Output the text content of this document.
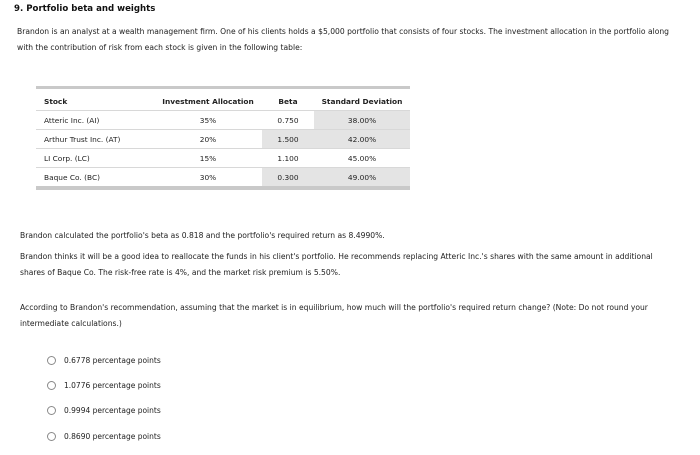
9. Portfolio beta and weights
Brandon is an analyst at a wealth management firm. One of his clients holds a $5,000 portfolio that consists of four stocks. The investment allocation in the portfolio along with the contribution of risk from each stock is given in the following table:
Stock	Investment Allocation	Beta	Standard Deviation
Atteric Inc. (AI)	35%	0.750	38.00%
Arthur Trust Inc. (AT)	20%	1.500	42.00%
LI Corp. (LC)	15%	1.100	45.00%
Baque Co. (BC)	30%	0.300	49.00%
Brandon calculated the portfolio's beta as 0.818 and the portfolio's required return as 8.4990%.
Brandon thinks it will be a good idea to reallocate the funds in his client's portfolio. He recommends replacing Atteric Inc.'s shares with the same amount in additional shares of Baque Co. The risk-free rate is 4%, and the market risk premium is 5.50%.
According to Brandon's recommendation, assuming that the market is in equilibrium, how much will the portfolio's required return change? (Note: Do not round your intermediate calculations.)
0.6778 percentage points
1.0776 percentage points
0.9994 percentage points
0.8690 percentage points
